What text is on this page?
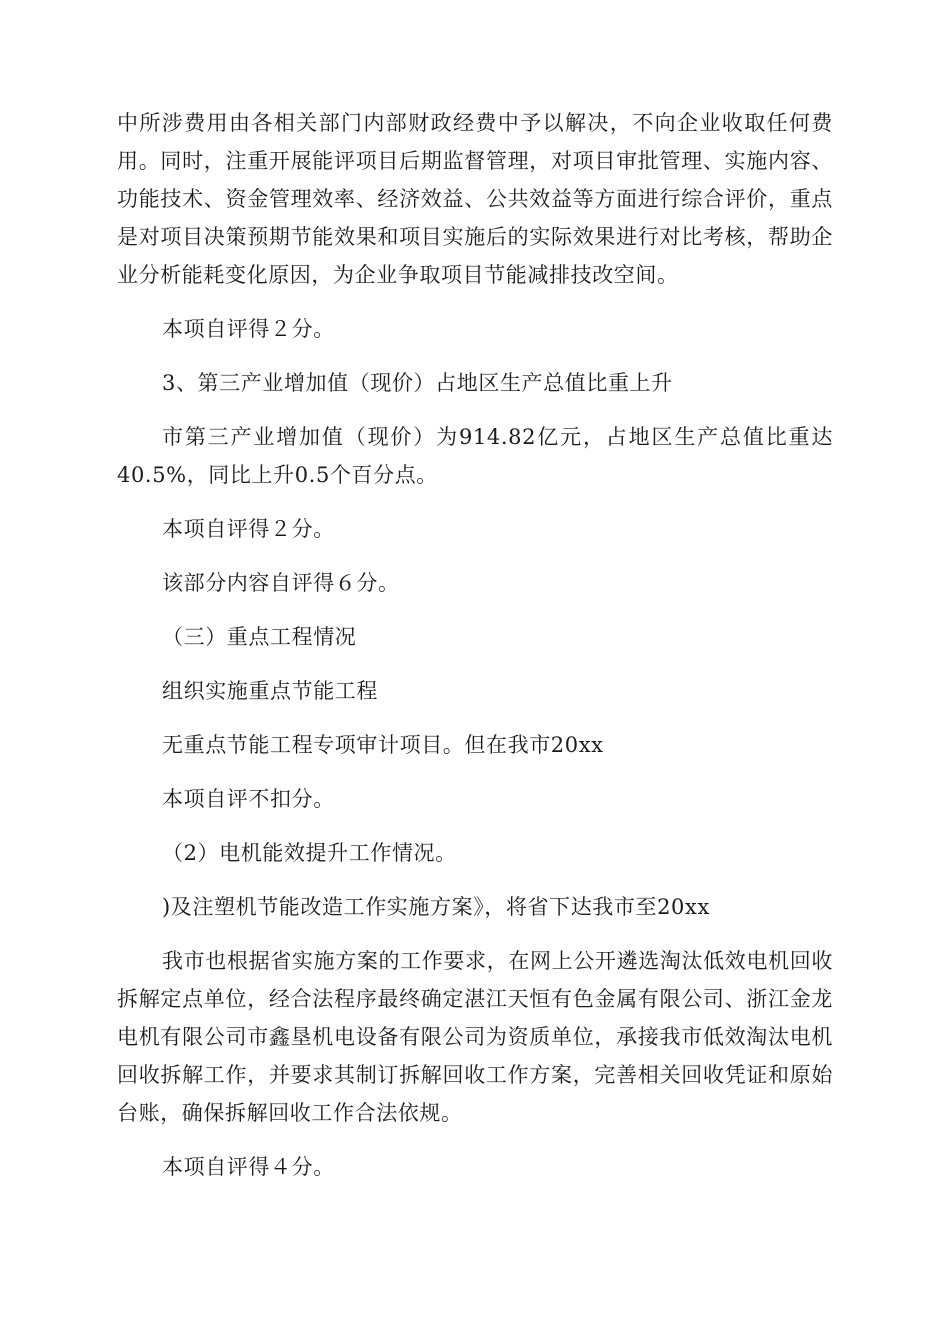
中所涉费用由各相关部门内部财政经费中予以解决，不向企业收取任何费用。同时，注重开展能评项目后期监督管理，对项目审批管理、实施内容、功能技术、资金管理效率、经济效益、公共效益等方面进行综合评价，重点是对项目决策预期节能效果和项目实施后的实际效果进行对比考核，帮助企业分析能耗变化原因，为企业争取项目节能减排技改空间。

本项自评得２分。

3、第三产业增加值（现价）占地区生产总值比重上升

市第三产业增加值（现价）为914.82亿元，占地区生产总值比重达40.5%，同比上升0.5个百分点。

本项自评得２分。

该部分内容自评得６分。

（三）重点工程情况

组织实施重点节能工程

无重点节能工程专项审计项目。但在我市20xx

本项自评不扣分。

（2）电机能效提升工作情况。

)及注塑机节能改造工作实施方案》，将省下达我市至20xx

我市也根据省实施方案的工作要求，在网上公开遴选淘汰低效电机回收拆解定点单位，经合法程序最终确定湛江天恒有色金属有限公司、浙江金龙电机有限公司市鑫垦机电设备有限公司为资质单位，承接我市低效淘汰电机回收拆解工作，并要求其制订拆解回收工作方案，完善相关回收凭证和原始台账，确保拆解回收工作合法依规。

本项自评得４分。
